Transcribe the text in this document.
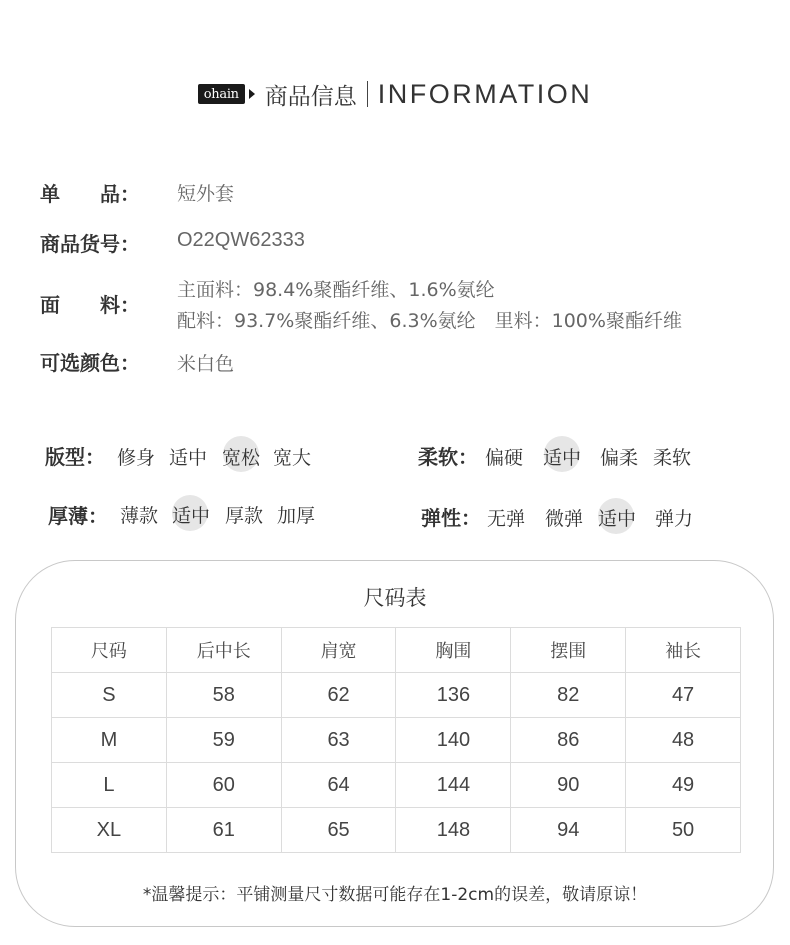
ohain 商品信息 INFORMATION
单　　品： 短外套
商品货号： O22QW62333
面　　料：
主面料：98.4%聚酯纤维、1.6%氨纶
配料：93.7%聚酯纤维、6.3%氨纶　里料：100%聚酯纤维
可选颜色： 米白色
版型： 修身 适中 宽松 宽大	柔软： 偏硬 适中 偏柔 柔软
厚薄： 薄款 适中 厚款 加厚	弹性： 无弹 微弹 适中 弹力
尺码表
尺码	后中长	肩宽	胸围	摆围	袖长
S	58	62	136	82	47
M	59	63	140	86	48
L	60	64	144	90	49
XL	61	65	148	94	50
*温馨提示：平铺测量尺寸数据可能存在1-2cm的误差，敬请原谅！
